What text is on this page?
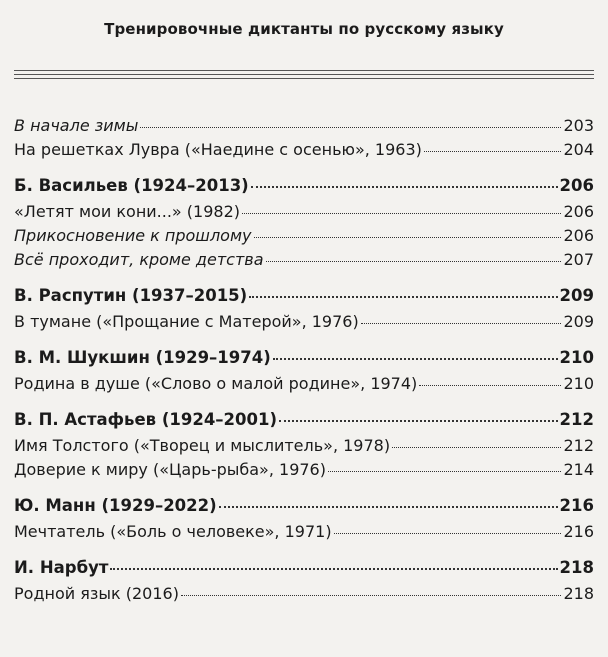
Тренировочные диктанты по русскому языку
В начале зимы	203
На решетках Лувра («Наедине с осенью», 1963)	204
Б. Васильев (1924–2013)	206
«Летят мои кони...» (1982)	206
Прикосновение к прошлому	206
Всё проходит, кроме детства	207
В. Распутин (1937–2015)	209
В тумане («Прощание с Матерой», 1976)	209
В. М. Шукшин (1929–1974)	210
Родина в душе («Слово о малой родине», 1974)	210
В. П. Астафьев (1924–2001)	212
Имя Толстого («Творец и мыслитель», 1978)	212
Доверие к миру («Царь-рыба», 1976)	214
Ю. Манн (1929–2022)	216
Мечтатель («Боль о человеке», 1971)	216
И. Нарбут	218
Родной язык (2016)	218
